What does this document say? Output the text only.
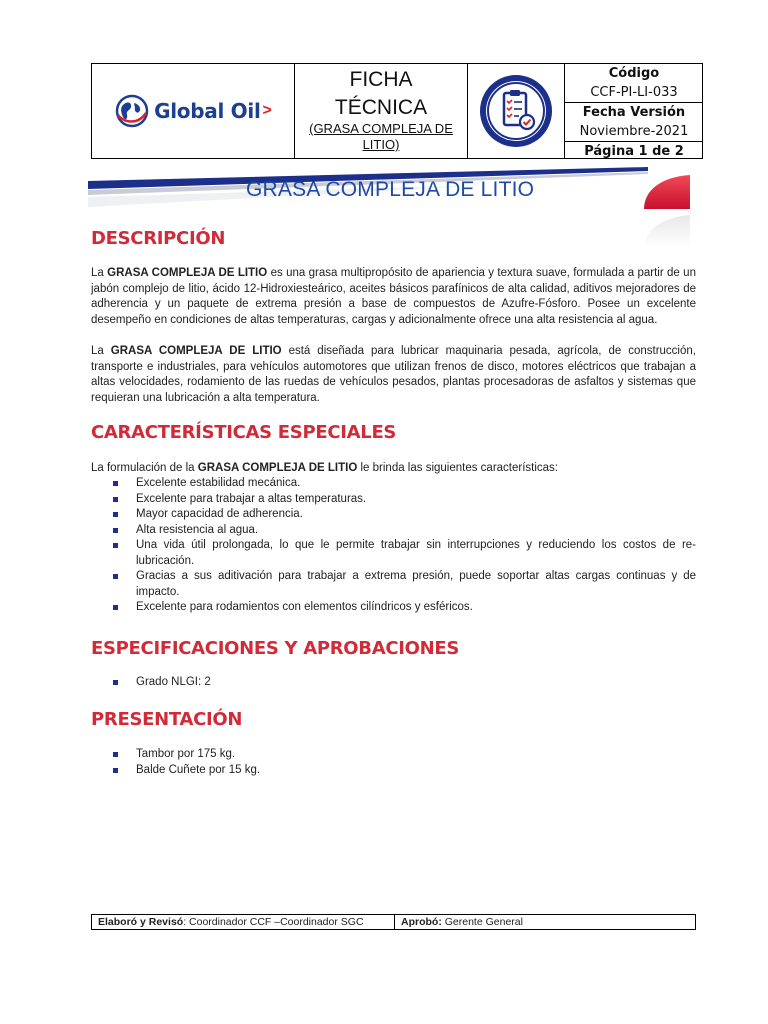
Global Oil >
FICHA
TÉCNICA
(GRASA COMPLEJA DE LITIO)
Código
CCF-PI-LI-033
Fecha Versión
Noviembre-2021
Página 1 de 2
GRASA COMPLEJA DE LITIO
DESCRIPCIÓN
La GRASA COMPLEJA DE LITIO es una grasa multipropósito de apariencia y textura suave, formulada a partir de un jabón complejo de litio, ácido 12-Hidroxiesteárico, aceites básicos parafínicos de alta calidad, aditivos mejoradores de adherencia y un paquete de extrema presión a base de compuestos de Azufre-Fósforo. Posee un excelente desempeño en condiciones de altas temperaturas, cargas y adicionalmente ofrece una alta resistencia al agua.
La GRASA COMPLEJA DE LITIO está diseñada para lubricar maquinaria pesada, agrícola, de construcción, transporte e industriales, para vehículos automotores que utilizan frenos de disco, motores eléctricos que trabajan a altas velocidades, rodamiento de las ruedas de vehículos pesados, plantas procesadoras de asfaltos y sistemas que requieran una lubricación a alta temperatura.
CARACTERÍSTICAS ESPECIALES
La formulación de la GRASA COMPLEJA DE LITIO le brinda las siguientes características:
Excelente estabilidad mecánica.
Excelente para trabajar a altas temperaturas.
Mayor capacidad de adherencia.
Alta resistencia al agua.
Una vida útil prolongada, lo que le permite trabajar sin interrupciones y reduciendo los costos de re-lubricación.
Gracias a sus aditivación para trabajar a extrema presión, puede soportar altas cargas continuas y de impacto.
Excelente para rodamientos con elementos cilíndricos y esféricos.
ESPECIFICACIONES Y APROBACIONES
Grado NLGI: 2
PRESENTACIÓN
Tambor por 175 kg.
Balde Cuñete por 15 kg.
Elaboró y Revisó: Coordinador CCF –Coordinador SGC	Aprobó: Gerente General
